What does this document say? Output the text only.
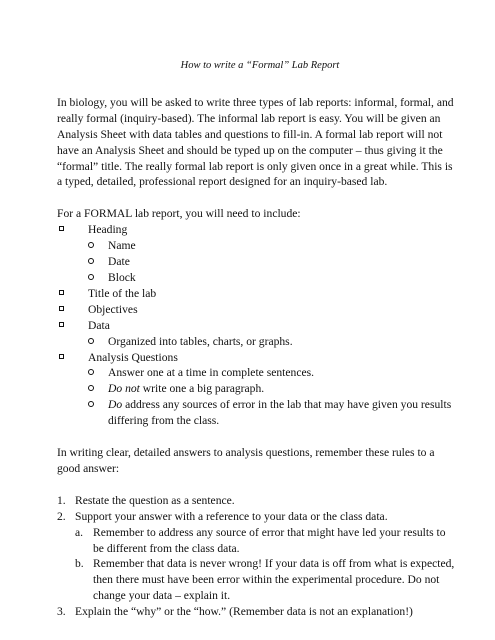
How to write a “Formal” Lab Report

In biology, you will be asked to write three types of lab reports: informal, formal, and really formal (inquiry-based). The informal lab report is easy. You will be given an Analysis Sheet with data tables and questions to fill-in. A formal lab report will not have an Analysis Sheet and should be typed up on the computer – thus giving it the “formal” title. The really formal lab report is only given once in a great while. This is a typed, detailed, professional report designed for an inquiry-based lab.

For a FORMAL lab report, you will need to include:

Heading
Name
Date
Block
Title of the lab
Objectives
Data
Organized into tables, charts, or graphs.
Analysis Questions
Answer one at a time in complete sentences.
Do not write one a big paragraph.
Do address any sources of error in the lab that may have given you results differing from the class.

In writing clear, detailed answers to analysis questions, remember these rules to a good answer:

1. Restate the question as a sentence.
2. Support your answer with a reference to your data or the class data.
a. Remember to address any source of error that might have led your results to be different from the class data.
b. Remember that data is never wrong! If your data is off from what is expected, then there must have been error within the experimental procedure. Do not change your data – explain it.
3. Explain the “why” or the “how.” (Remember data is not an explanation!)
